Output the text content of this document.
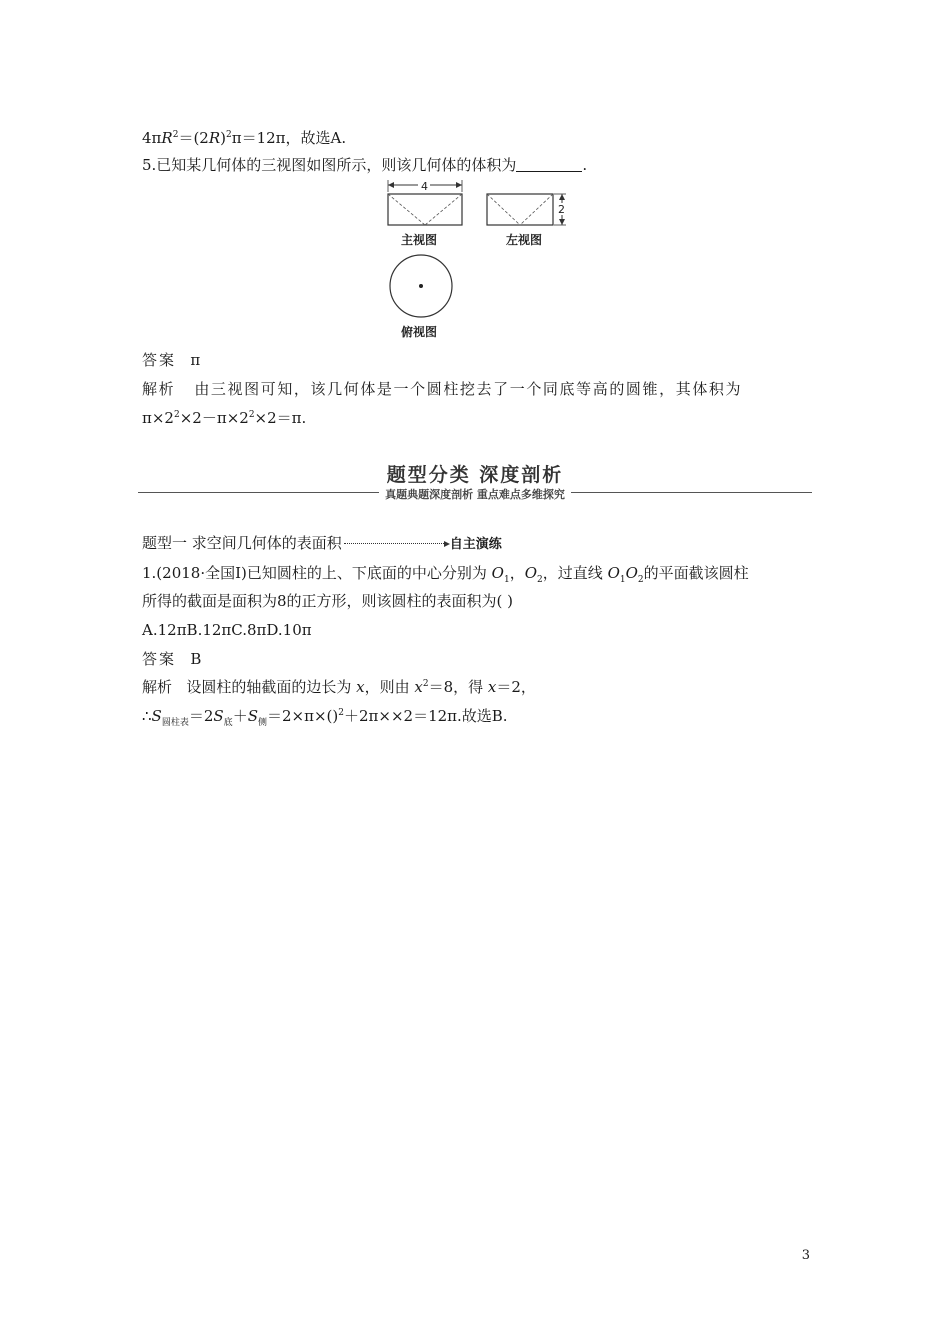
$4\pi R^2=(2R)^2\pi=12\pi$，故选A.
5.已知某几何体的三视图如图所示，则该几何体的体积为	.
4
2
主视图	左视图
俯视图
答案 π
解析 由三视图可知，该几何体是一个圆柱挖去了一个同底等高的圆锥，其体积为
$\pi\times 2^2\times 2-\pi\times 2^2\times 2=\pi$.
题型分类 深度剖析
真题典题深度剖析 重点难点多维探究
题型一 求空间几何体的表面积	自主演练
1.(2018·全国Ⅰ)已知圆柱的上、下底面的中心分别为 $O_1$，$O_2$，过直线 $O_1O_2$的平面截该圆柱
所得的截面是面积为8的正方形，则该圆柱的表面积为( )
A.12πB.12πC.8πD.10π
答案 B
解析 设圆柱的轴截面的边长为 x，则由 $x^2=8$，得 x＝2，
$\therefore S_{圆柱表}=2S_底+S_侧=2\times\pi\times()^2+2\pi\times\times 2=12\pi$.故选B.
3
